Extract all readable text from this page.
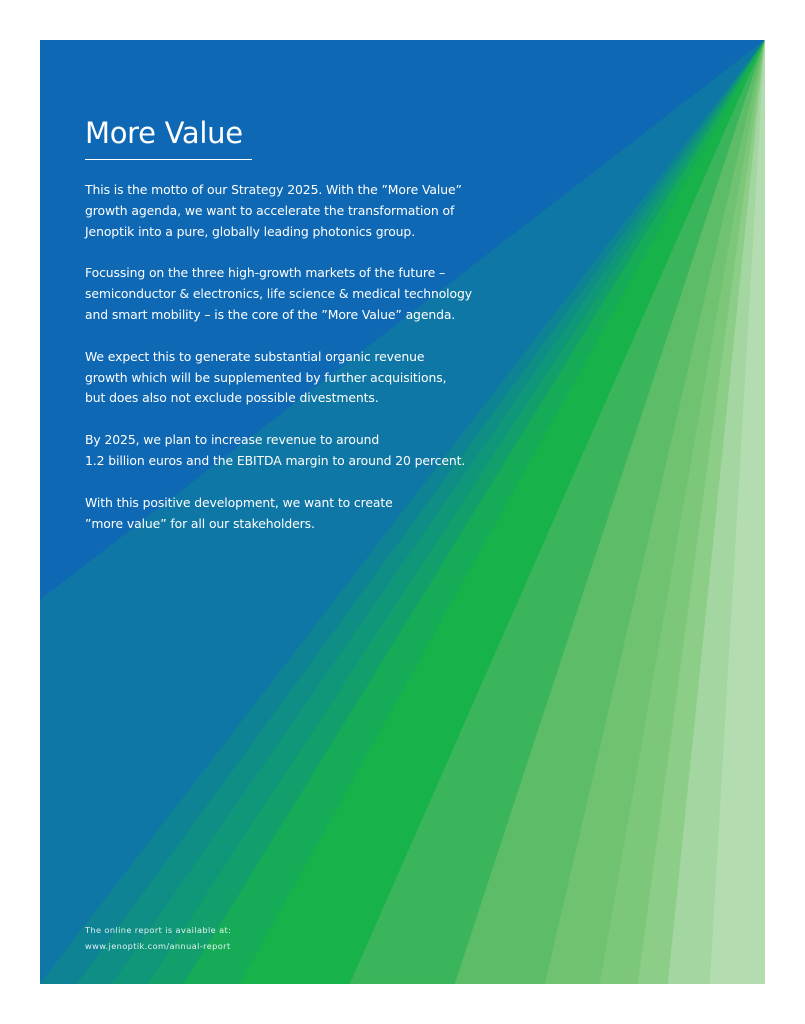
More Value

This is the motto of our Strategy 2025. With the ”More Value”
growth agenda, we want to accelerate the transformation of
Jenoptik into a pure, globally leading photonics group.

Focussing on the three high-growth markets of the future –
semiconductor & electronics, life science & medical technology
and smart mobility – is the core of the ”More Value” agenda.

We expect this to generate substantial organic revenue
growth which will be supplemented by further acquisitions,
but does also not exclude possible divestments.

By 2025, we plan to increase revenue to around
1.2 billion euros and the EBITDA margin to around 20 percent.

With this positive development, we want to create
”more value” for all our stakeholders.

The online report is available at:
www.jenoptik.com/annual-report
